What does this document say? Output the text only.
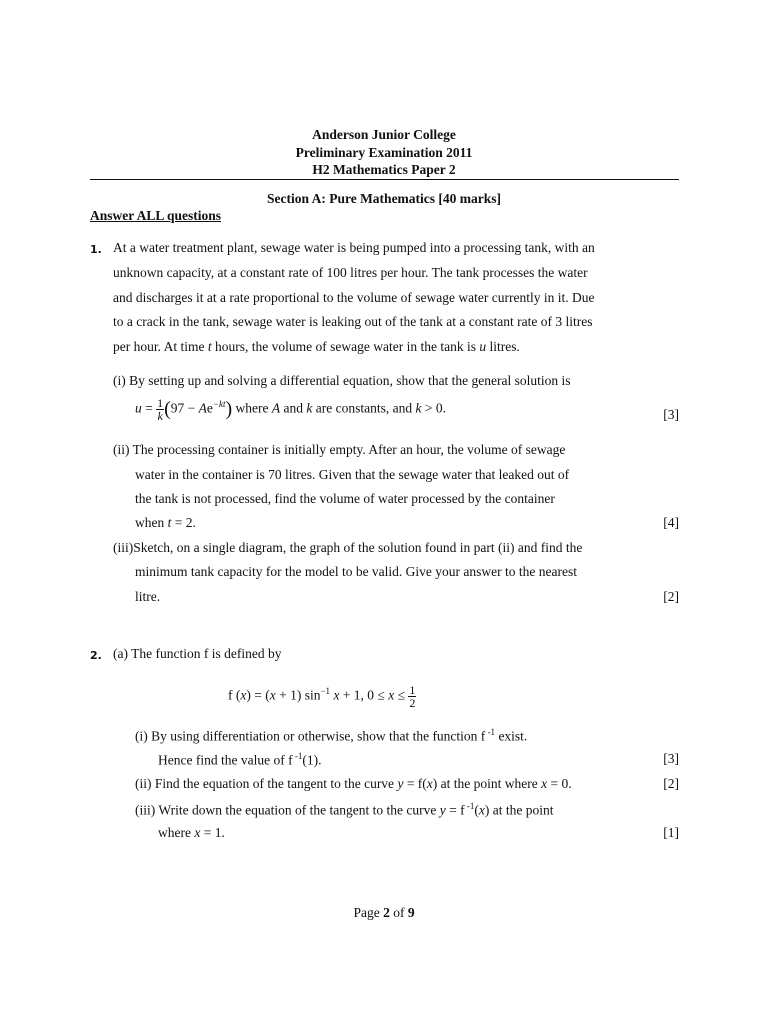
Anderson Junior College
Preliminary Examination 2011
H2 Mathematics Paper 2
Section A: Pure Mathematics [40 marks]
Answer ALL questions
1. At a water treatment plant, sewage water is being pumped into a processing tank, with an
unknown capacity, at a constant rate of 100 litres per hour. The tank processes the water
and discharges it at a rate proportional to the volume of sewage water currently in it. Due
to a crack in the tank, sewage water is leaking out of the tank at a constant rate of 3 litres
per hour. At time t hours, the volume of sewage water in the tank is u litres.
(i) By setting up and solving a differential equation, show that the general solution is
$u = \frac{1}{k} (97 - Ae^{-kt})$ where A and k are constants, and k > 0.	[3]
(ii) The processing container is initially empty. After an hour, the volume of sewage
water in the container is 70 litres. Given that the sewage water that leaked out of
the tank is not processed, find the volume of water processed by the container
when t = 2.	[4]
(iii)Sketch, on a single diagram, the graph of the solution found in part (ii) and find the
minimum tank capacity for the model to be valid. Give your answer to the nearest
litre.	[2]
2. (a) The function f is defined by
f (x) = (x + 1) $\sin^{-1} x + 1$, $0 \le x \le \frac{1}{2}$
(i) By using differentiation or otherwise, show that the function f $^{-1}$ exist.
Hence find the value of f $^{-1}$(1).	[3]
(ii) Find the equation of the tangent to the curve y = f(x) at the point where x = 0.	[2]
(iii) Write down the equation of the tangent to the curve y = f $^{-1}$(x) at the point
where x = 1.	[1]
Page 2 of 9
